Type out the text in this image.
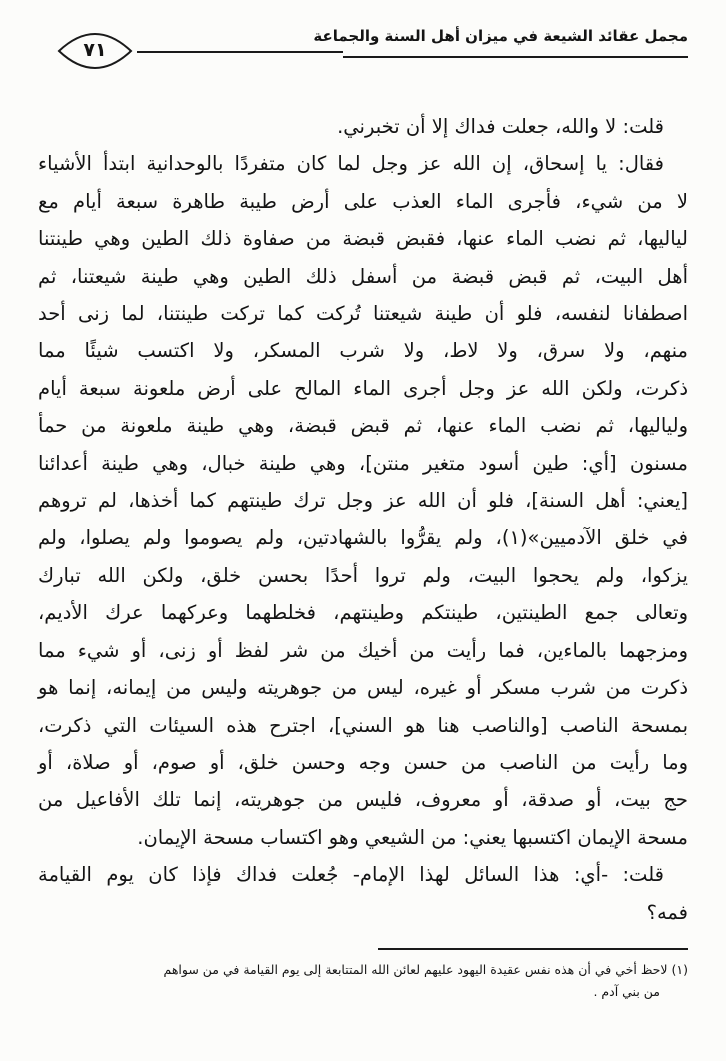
مجمل عقائد الشيعة في ميزان أهل السنة والجماعة
٧١
قلت: لا والله، جعلت فداك إلا أن تخبرني.
فقال: يا إسحاق، إن الله عز وجل لما كان متفردًا بالوحدانية ابتدأ الأشياء
لا من شيء، فأجرى الماء العذب على أرض طيبة طاهرة سبعة أيام مع
لياليها، ثم نضب الماء عنها، فقبض قبضة من صفاوة ذلك الطين وهي طينتنا
أهل البيت، ثم قبض قبضة من أسفل ذلك الطين وهي طينة شيعتنا، ثم
اصطفانا لنفسه، فلو أن طينة شيعتنا تُركت كما تركت طينتنا، لما زنى أحد
منهم، ولا سرق، ولا لاط، ولا شرب المسكر، ولا اكتسب شيئًا مما
ذكرت، ولكن الله عز وجل أجرى الماء المالح على أرض ملعونة سبعة أيام
ولياليها، ثم نضب الماء عنها، ثم قبض قبضة، وهي طينة ملعونة من حمأ
مسنون [أي: طين أسود متغير منتن]، وهي طينة خبال، وهي طينة أعدائنا
[يعني: أهل السنة]، فلو أن الله عز وجل ترك طينتهم كما أخذها، لم تروهم
في خلق الآدميين»(١)، ولم يقرُّوا بالشهادتين، ولم يصوموا ولم يصلوا، ولم
يزكوا، ولم يحجوا البيت، ولم تروا أحدًا بحسن خلق، ولكن الله تبارك
وتعالى جمع الطينتين، طينتكم وطينتهم، فخلطهما وعركهما عرك الأديم،
ومزجهما بالماءين، فما رأيت من أخيك من شر لفظ أو زنى، أو شيء مما
ذكرت من شرب مسكر أو غيره، ليس من جوهريته وليس من إيمانه، إنما هو
بمسحة الناصب [والناصب هنا هو السني]، اجترح هذه السيئات التي ذكرت،
وما رأيت من الناصب من حسن وجه وحسن خلق، أو صوم، أو صلاة، أو
حج بيت، أو صدقة، أو معروف، فليس من جوهريته، إنما تلك الأفاعيل من
مسحة الإيمان اكتسبها يعني: من الشيعي وهو اكتساب مسحة الإيمان.
قلت: -أي: هذا السائل لهذا الإمام- جُعلت فداك فإذا كان يوم القيامة
فمه؟
(١) لاحظ أخي في أن هذه نفس عقيدة اليهود عليهم لعائن الله المتتابعة إلى يوم القيامة في من سواهم
من بني آدم .
